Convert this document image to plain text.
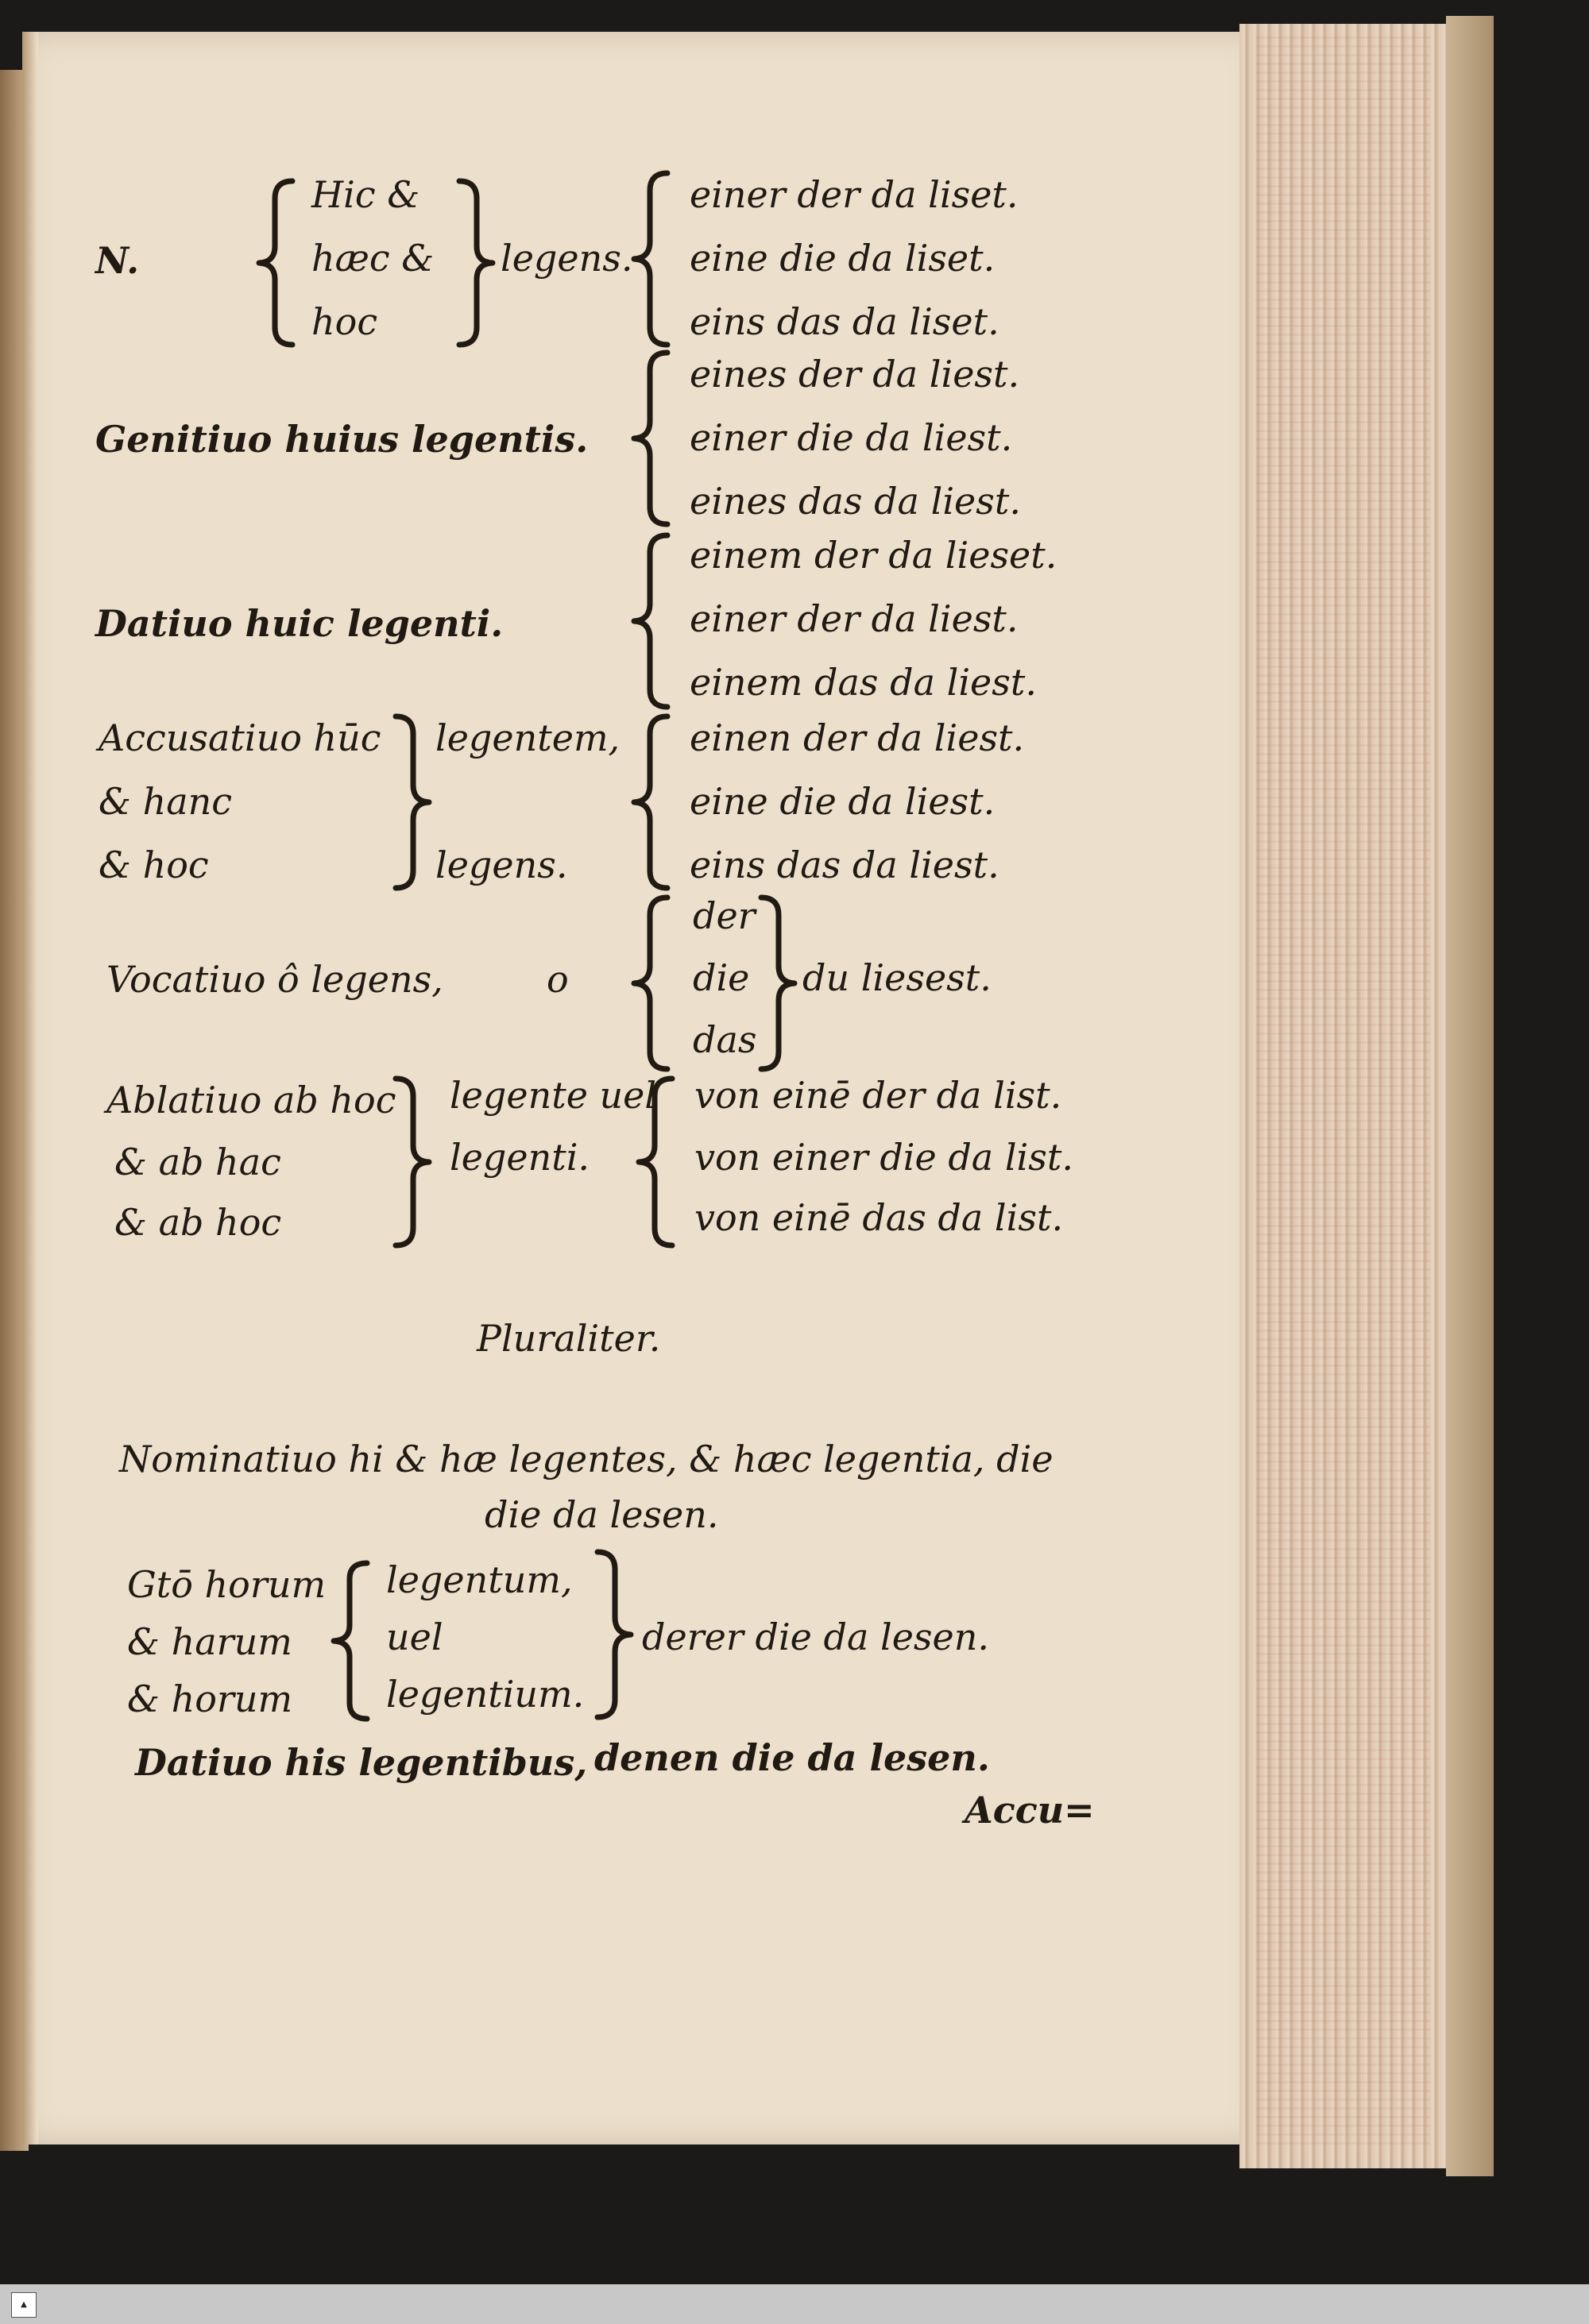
▲
N.
Hic &
hæc &
hoc
legens.
einer der da liset.
eine die da liset.
eins das da liset.
Genitiuo huius legentis.
eines der da liest.
einer die da liest.
eines das da liest.
Datiuo huic legenti.
einem der da lieset.
einer der da liest.
einem das da liest.
Accusatiuo hūc
& hanc
& hoc
legentem,
legens.
einen der da liest.
eine die da liest.
eins das da liest.
Vocatiuo ô legens,	o
der
die
das
du liesest.
Ablatiuo ab hoc
& ab hac
& ab hoc
legente uel
legenti.
von einē der da list.
von einer die da list.
von einē das da list.
Pluraliter.
Nominatiuo hi & hæ legentes, & hæc legentia, die
die da lesen.
Gtō horum
& harum
& horum
legentum,
uel
legentium.
derer die da lesen.
Datiuo his legentibus, denen die da lesen.
Accu=
